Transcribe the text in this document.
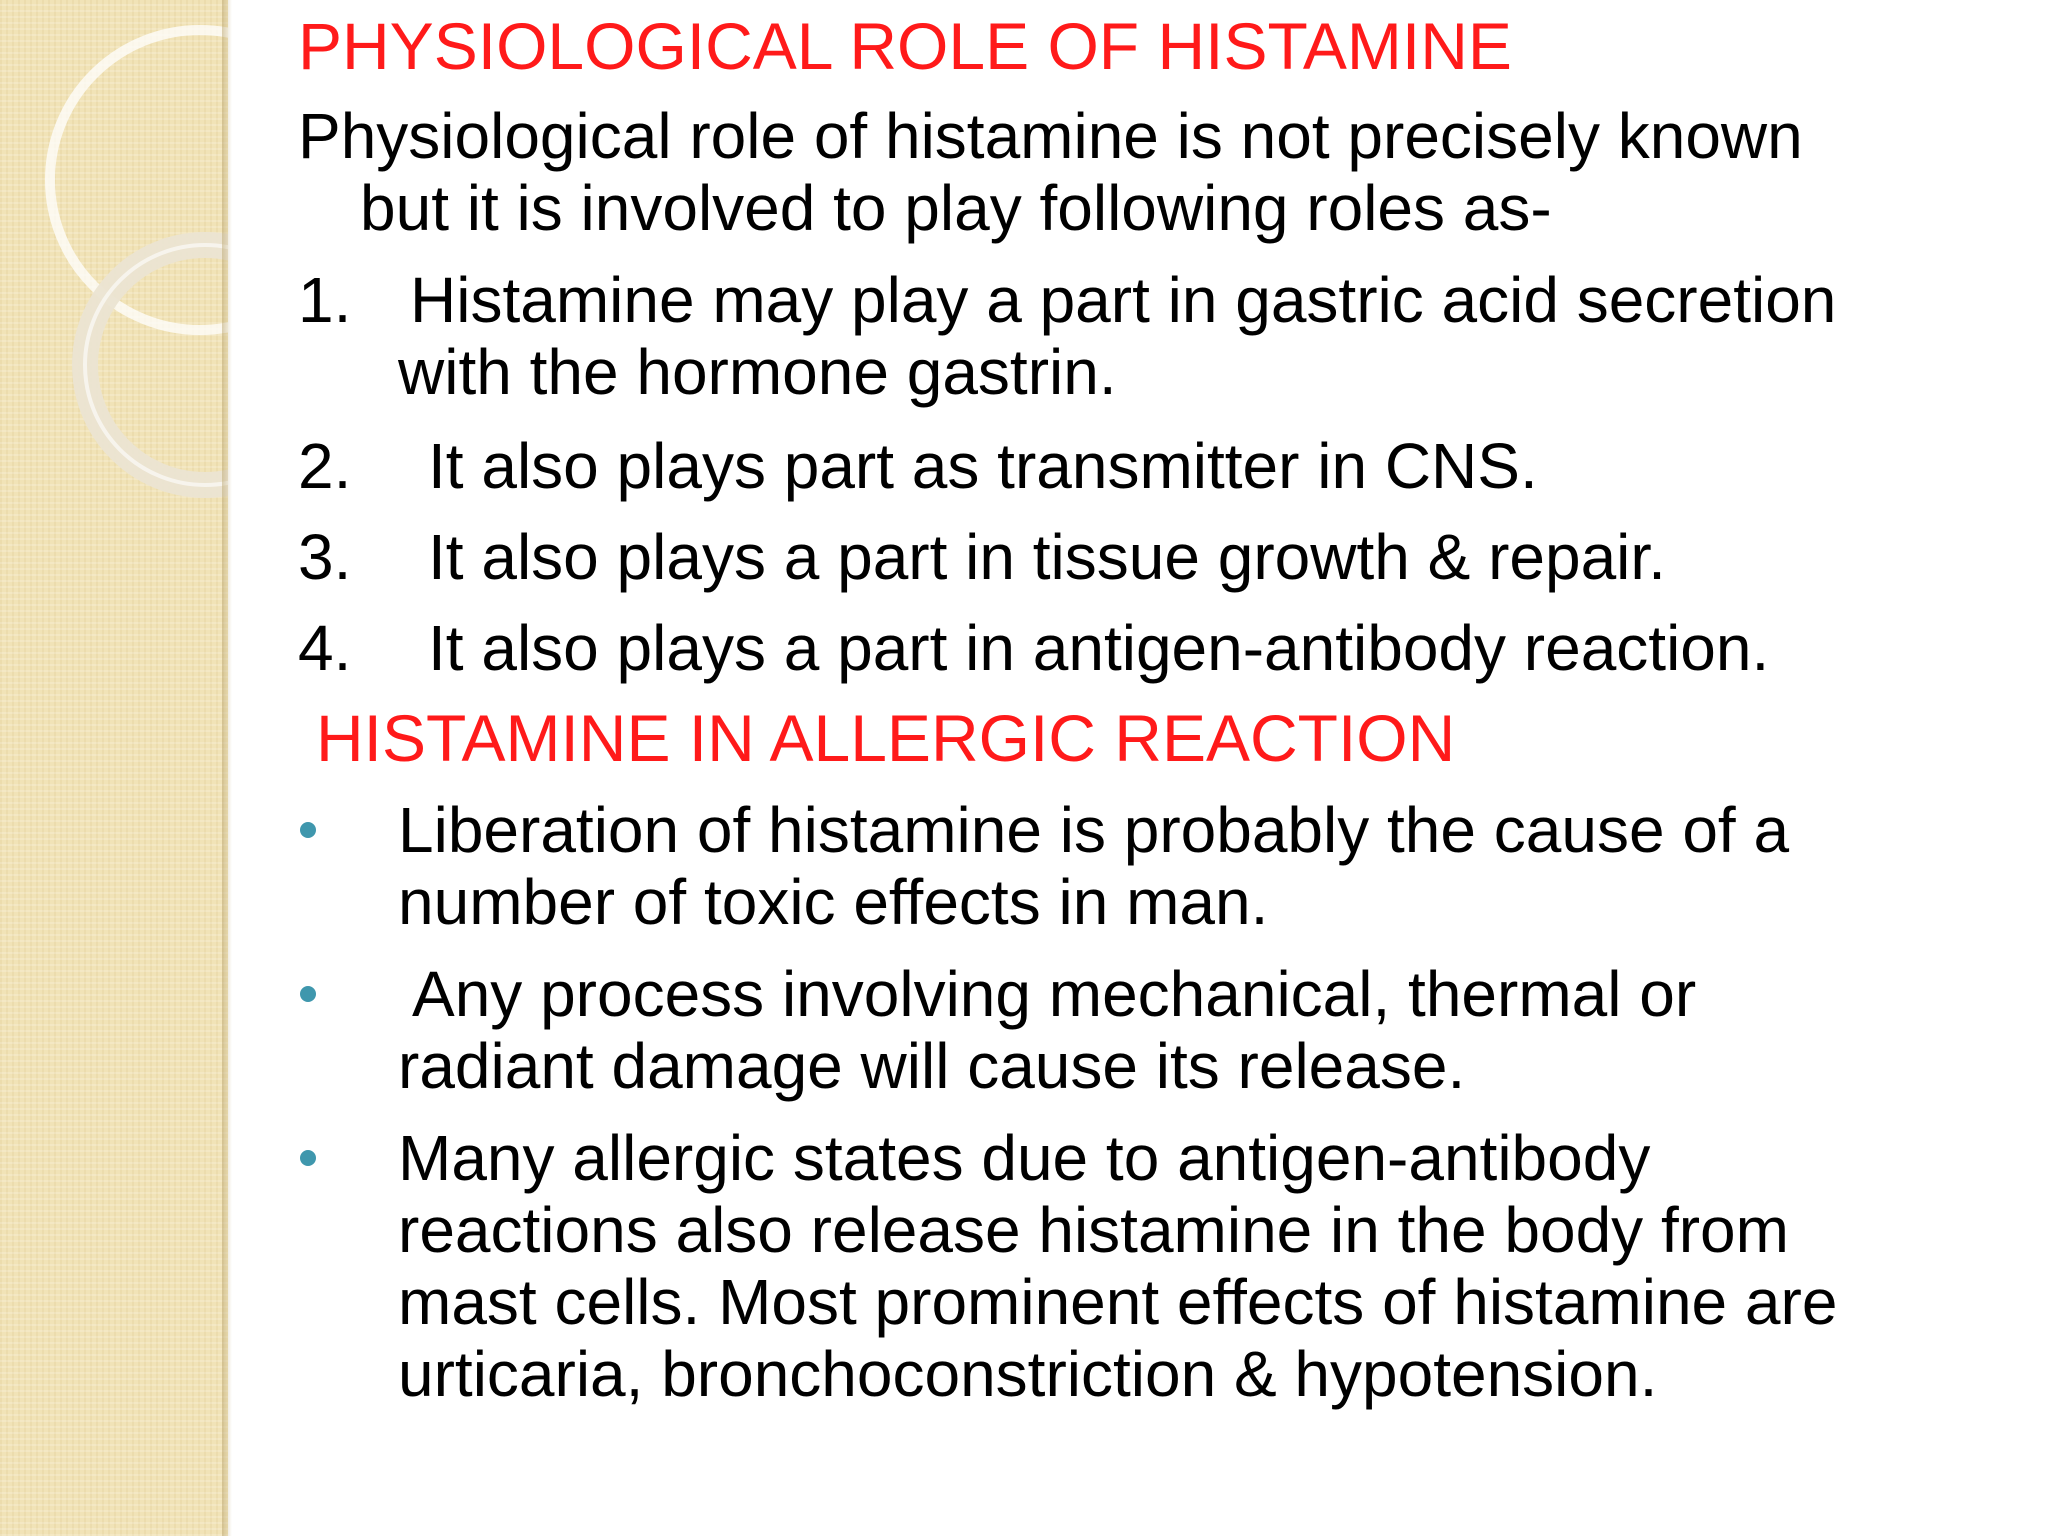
PHYSIOLOGICAL ROLE OF HISTAMINE

Physiological role of histamine is not precisely known

but it is involved to play following roles as-

1. Histamine may play a part in gastric acid secretion
with the hormone gastrin.
2. It also plays part as transmitter in CNS.
3. It also plays a part in tissue growth & repair.
4. It also plays a part in antigen-antibody reaction.
HISTAMINE IN ALLERGIC REACTION
Liberation of histamine is probably the cause of a
number of toxic effects in man.
Any process involving mechanical, thermal or
radiant damage will cause its release.
Many allergic states due to antigen-antibody
reactions also release histamine in the body from
mast cells. Most prominent effects of histamine are
urticaria, bronchoconstriction & hypotension.
